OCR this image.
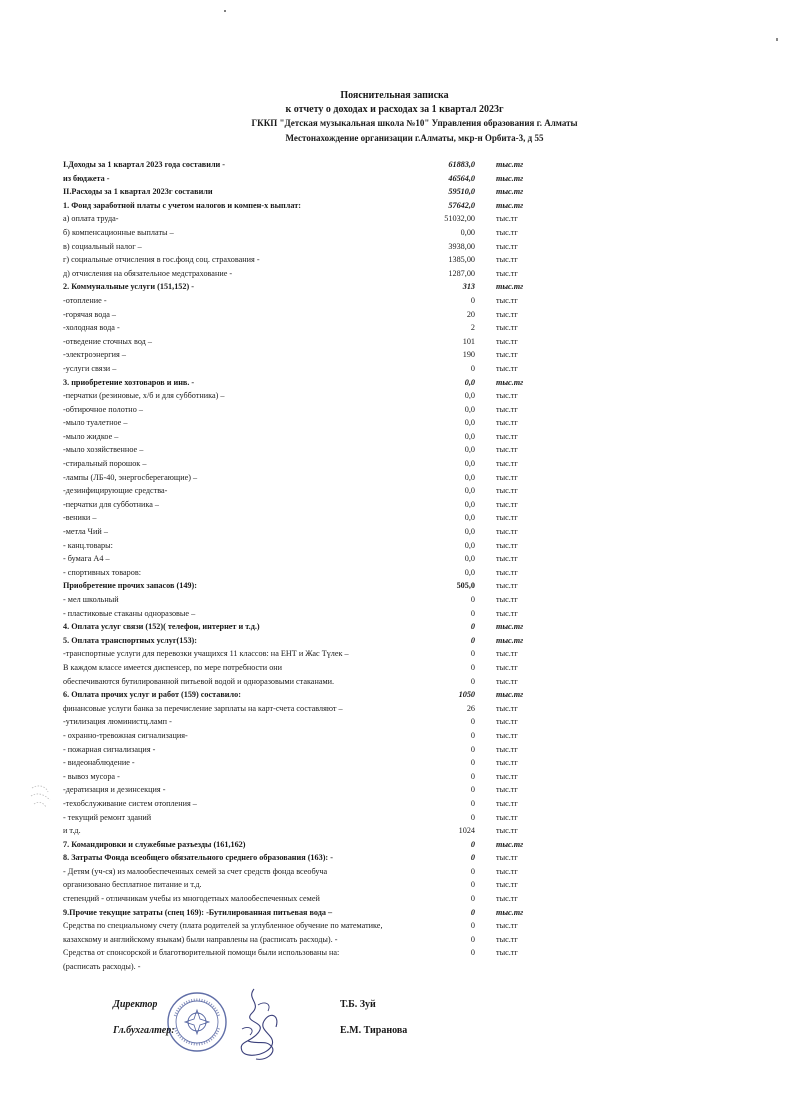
Пояснительная записка
к отчету о доходах и расходах за 1 квартал 2023г
ГККП "Детская музыкальная школа №10" Управления образования г. Алматы
Местонахождение организации г.Алматы, мкр-н Орбита-3, д 55
I.Доходы за 1 квартал 2023 года составили -	61883,0	тыс.тг
из бюджета -	46564,0	тыс.тг
II.Расходы за 1 квартал 2023г составили	59510,0	тыс.тг
1. Фонд заработной платы с учетом налогов и компен-х выплат:	57642,0	тыс.тг
а) оплата труда-	51032,00	тыс.тг
б) компенсационные выплаты –	0,00	тыс.тг
в) социальный налог –	3938,00	тыс.тг
г) социальные отчисления в гос.фонд соц. страхования -	1385,00	тыс.тг
д) отчисления на обязательное медстрахование -	1287,00	тыс.тг
2. Коммунальные услуги (151,152) -	313	тыс.тг
-отопление -	0	тыс.тг
-горячая вода –	20	тыс.тг
-холодная вода -	2	тыс.тг
-отведение сточных вод –	101	тыс.тг
-электроэнергия –	190	тыс.тг
-услуги связи –	0	тыс.тг
3. приобретение хозтоваров и инв. -	0,0	тыс.тг
-перчатки (резиновые, х/б и для субботника) –	0,0	тыс.тг
-обтирочное полотно –	0,0	тыс.тг
-мыло туалетное –	0,0	тыс.тг
-мыло жидкое –	0,0	тыс.тг
-мыло хозяйственное –	0,0	тыс.тг
-стиральный порошок –	0,0	тыс.тг
-лампы (ЛБ-40, энергосберегающие) –	0,0	тыс.тг
-дезинфицирующие средства-	0,0	тыс.тг
-перчатки для субботника –	0,0	тыс.тг
-веники –	0,0	тыс.тг
-метла Чий –	0,0	тыс.тг
- канц.товары:	0,0	тыс.тг
- бумага А4 –	0,0	тыс.тг
- спортивных товаров:	0,0	тыс.тг
Приобретение прочих запасов (149):	505,0	тыс.тг
- мел школьный	0	тыс.тг
- пластиковые стаканы одноразовые –	0	тыс.тг
4. Оплата услуг связи (152)( телефон, интернет и т.д.)	0	тыс.тг
5. Оплата транспортных услуг(153):	0	тыс.тг
-транспортные услуги для перевозки учащихся 11 классов: на ЕНТ и Жас Түлек –	0	тыс.тг
В каждом классе имеется диспенсер, по мере потребности они	0	тыс.тг
обеспечиваются бутилированной питьевой водой и одноразовыми стаканами.	0	тыс.тг
6. Оплата прочих услуг и работ (159) составило:	1050	тыс.тг
финансовые услуги банка за перечисление зарплаты на карт-счета составляют –	26	тыс.тг
-утилизация люминистц.ламп -	0	тыс.тг
- охранно-тревожная сигнализация-	0	тыс.тг
- пожарная сигнализация -	0	тыс.тг
- видеонаблюдение -	0	тыс.тг
- вывоз мусора -	0	тыс.тг
-дератизация и дезинсекция -	0	тыс.тг
-техобслуживание систем отопления –	0	тыс.тг
- текущий ремонт зданий	0	тыс.тг
и т.д.	1024	тыс.тг
7. Командировки и служебные разъезды (161,162)	0	тыс.тг
8. Затраты Фонда всеобщего обязательного среднего образования (163): -	0	тыс.тг
- Детям (уч-ся) из малообеспеченных семей за счет средств фонда всеобуча	0	тыс.тг
организовано бесплатное питание и т.д.	0	тыс.тг
степендий - отличникам учебы из многодетных малообеспеченных семей	0	тыс.тг
9.Прочие текущие затраты (спец 169): -Бутилированная питьевая вода –	0	тыс.тг
Средства по специальному счету (плата родителей за углубленное обучение по математике,	0	тыс.тг
казахскому и английскому языкам) были направлены на (расписать расходы). -	0	тыс.тг
Средства от спонсорской и благотворительной помощи были использованы на:	0	тыс.тг
(расписать расходы). -
Директор	Т.Б. Зуй
Гл.бухгалтер:	Е.М. Тиранова
